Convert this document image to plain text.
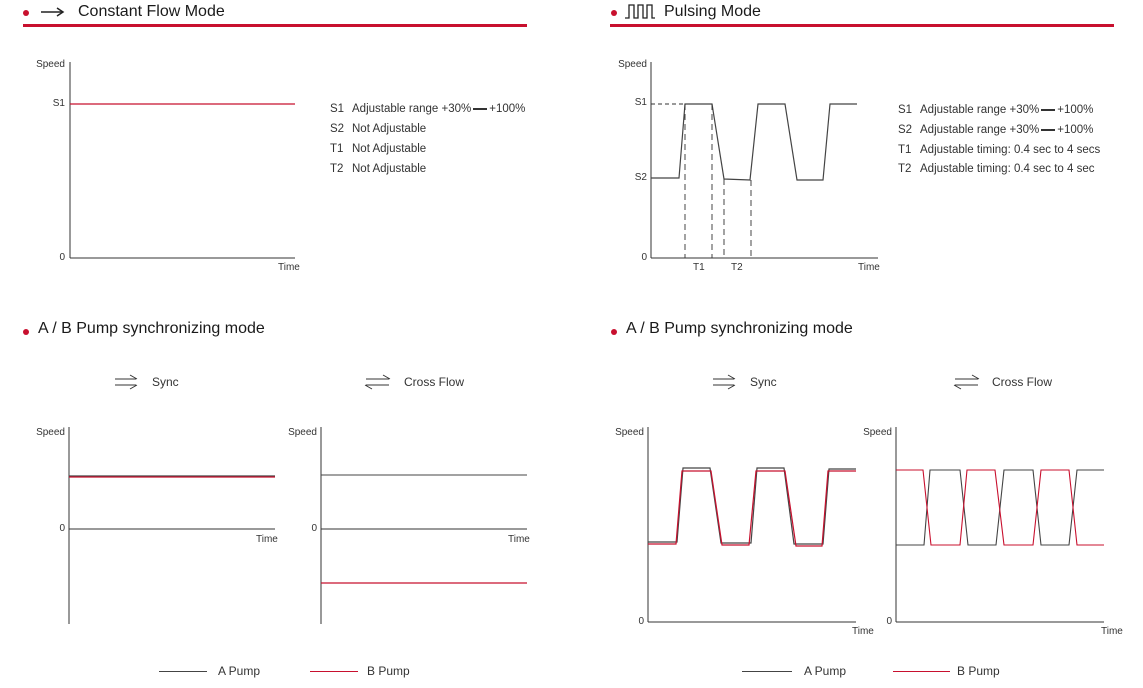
Constant Flow Mode
Speed
S1
0
Time
S1 Adjustable range +30% +100%
S2 Not Adjustable
T1 Not Adjustable
T2 Not Adjustable
Pulsing Mode
Speed
S1
S2
0
T1	T2	Time
S1 Adjustable range +30% +100%
S2 Adjustable range +30% +100%
T1 Adjustable timing: 0.4 sec to 4 secs
T2 Adjustable timing: 0.4 sec to 4 sec
A / B Pump synchronizing mode
Sync	Cross Flow
Speed
0
Time
Speed
0
Time
A Pump	B Pump
A / B Pump synchronizing mode
Sync	Cross Flow
Speed
0
Time
Speed
0
Time
A Pump	B Pump
